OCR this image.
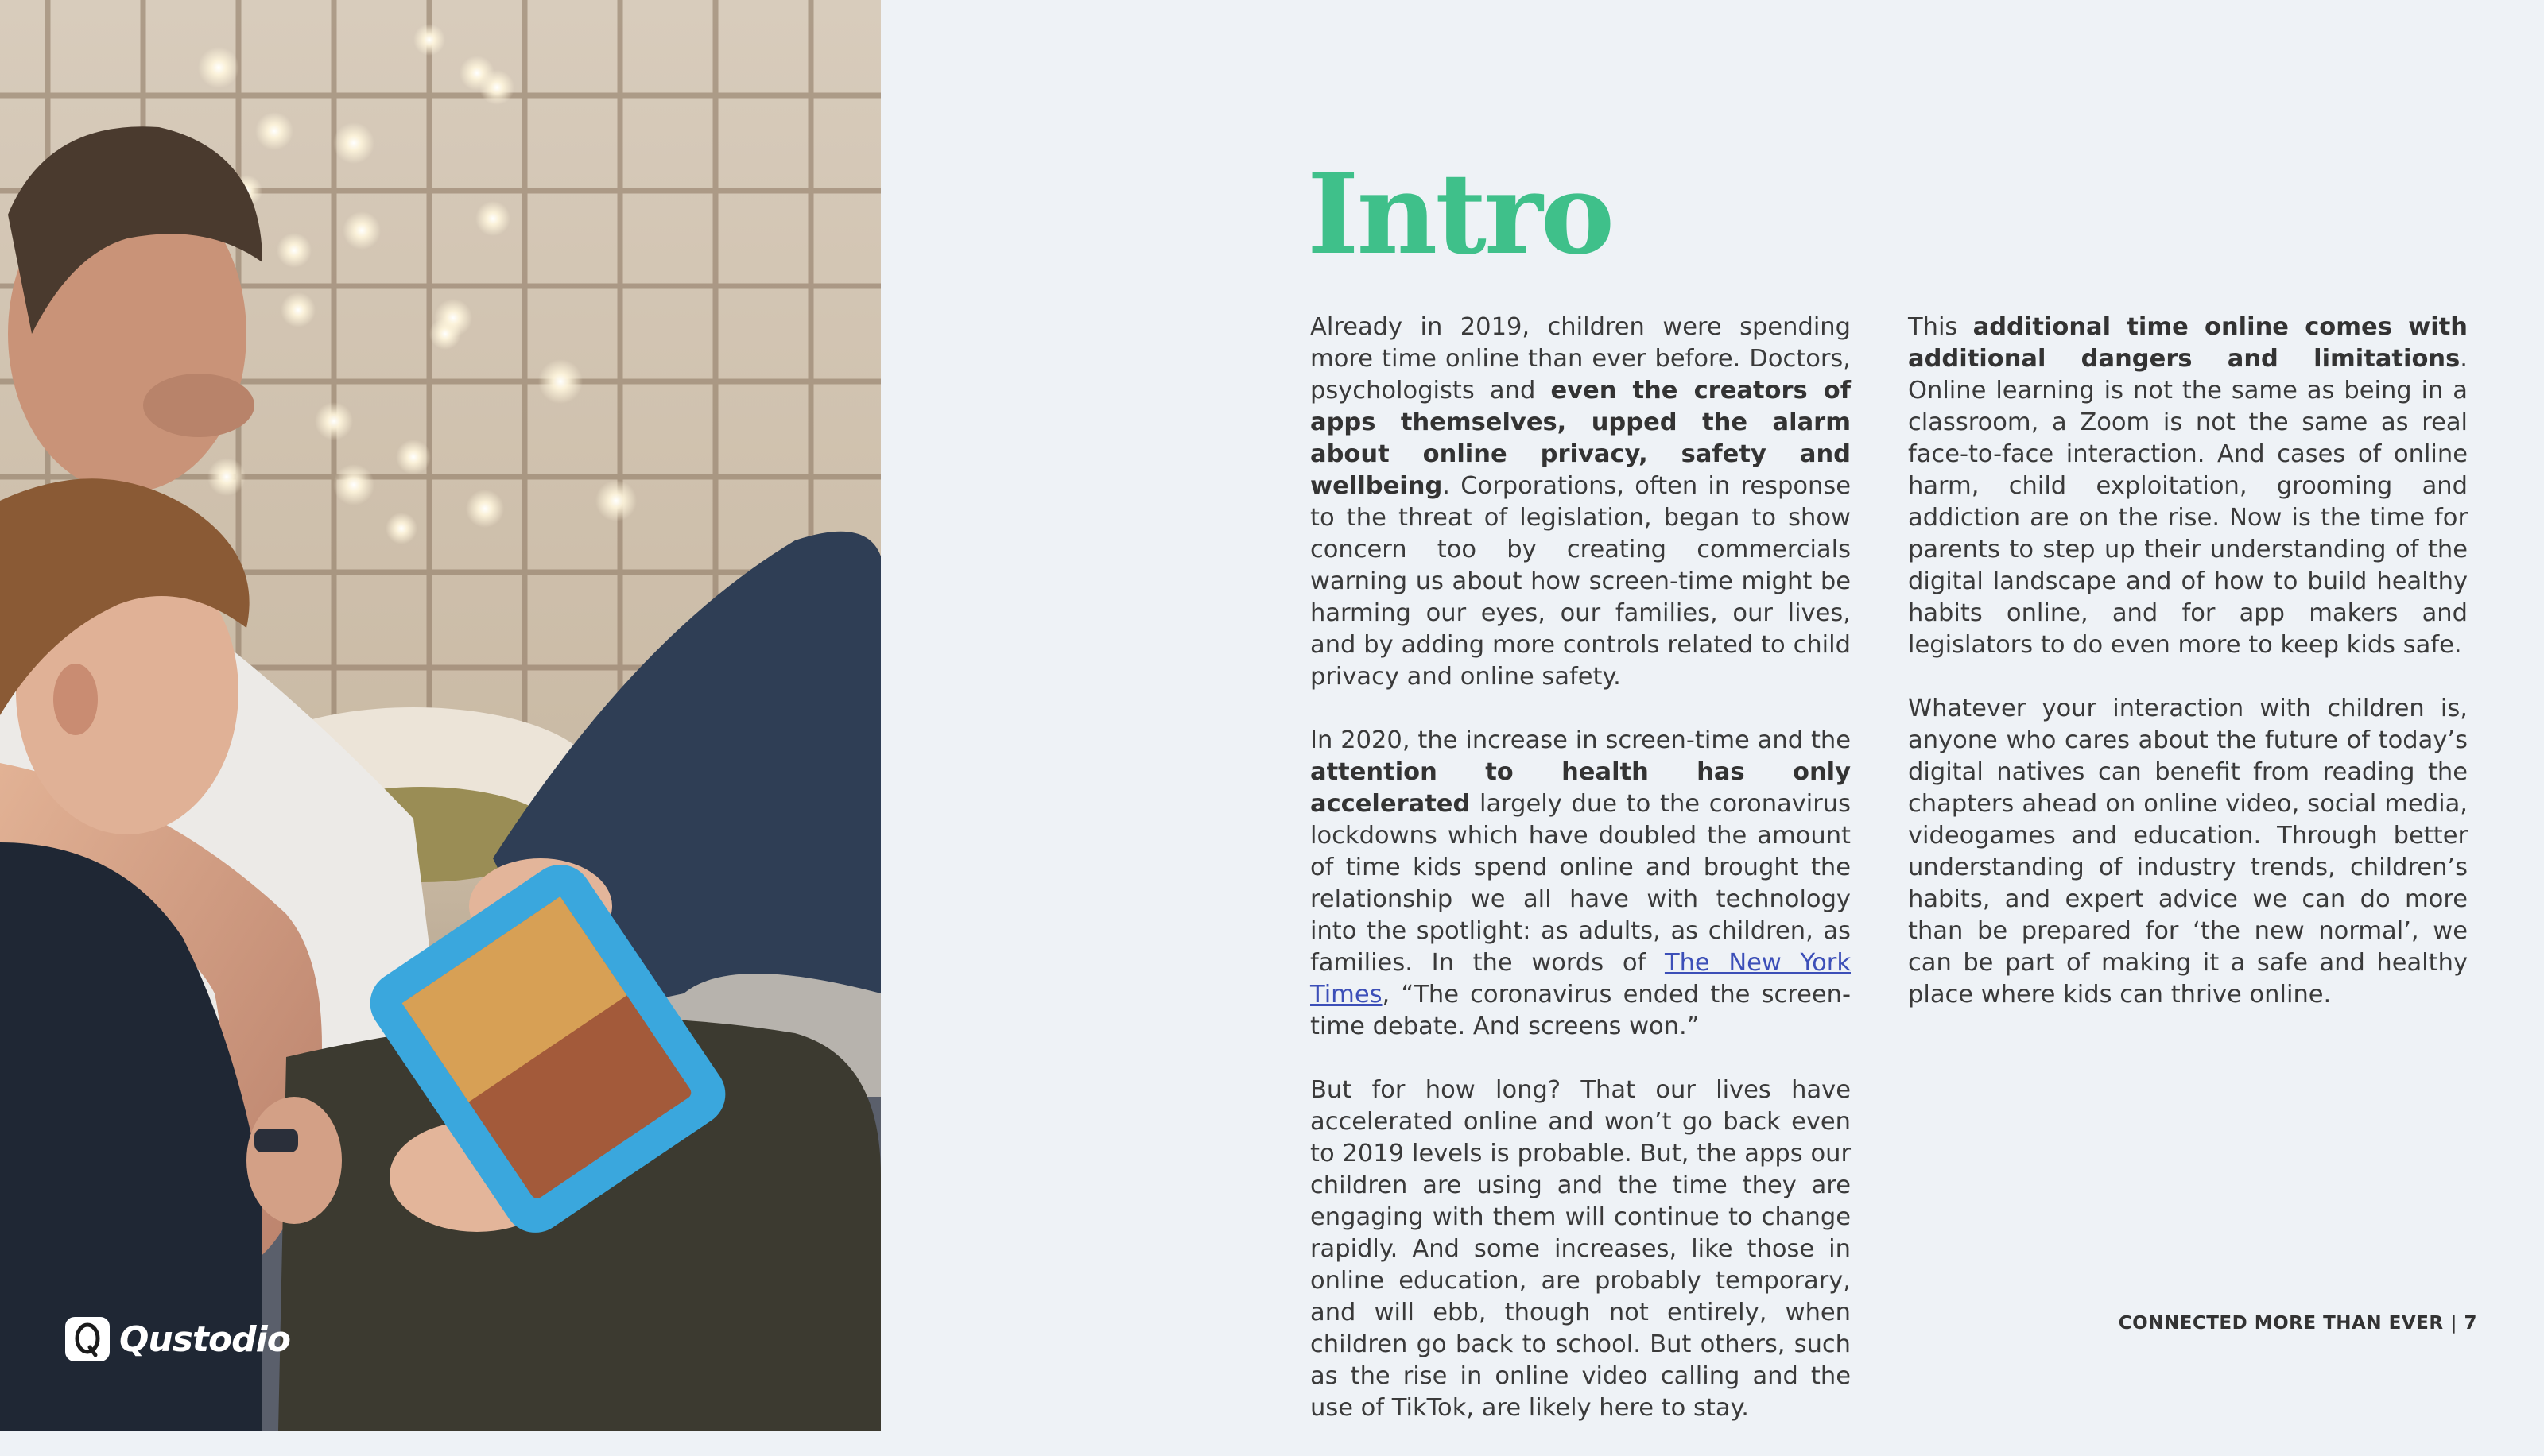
Qustodio
Intro

Already in 2019, children were spending more time online than ever before. Doctors, psychologists and even the creators of apps themselves, upped the alarm about online privacy, safety and wellbeing. Corporations, often in response to the threat of legislation, began to show concern too by creating commercials warning us about how screen-time might be harming our eyes, our families, our lives, and by adding more controls related to child privacy and online safety.

In 2020, the increase in screen-time and the attention to health has only accelerated largely due to the coronavirus lockdowns which have doubled the amount of time kids spend online and brought the relationship we all have with technology into the spotlight: as adults, as children, as families. In the words of The New York Times, “The coronavirus ended the screen-time debate. And screens won.”

But for how long? That our lives have accelerated online and won’t go back even to 2019 levels is probable. But, the apps our children are using and the time they are engaging with them will continue to change rapidly. And some increases, like those in online education, are probably temporary, and will ebb, though not entirely, when children go back to school. But others, such as the rise in online video calling and the use of TikTok, are likely here to stay.

This additional time online comes with additional dangers and limitations. Online learning is not the same as being in a classroom, a Zoom is not the same as real face-to-face interaction. And cases of online harm, child exploitation, grooming and addiction are on the rise. Now is the time for parents to step up their understanding of the digital landscape and of how to build healthy habits online, and for app makers and legislators to do even more to keep kids safe.

Whatever your interaction with children is, anyone who cares about the future of today’s digital natives can benefit from reading the chapters ahead on online video, social media, videogames and education. Through better understanding of industry trends, children’s habits, and expert advice we can do more than be prepared for ‘the new normal’, we can be part of making it a safe and healthy place where kids can thrive online.

CONNECTED MORE THAN EVER | 7
